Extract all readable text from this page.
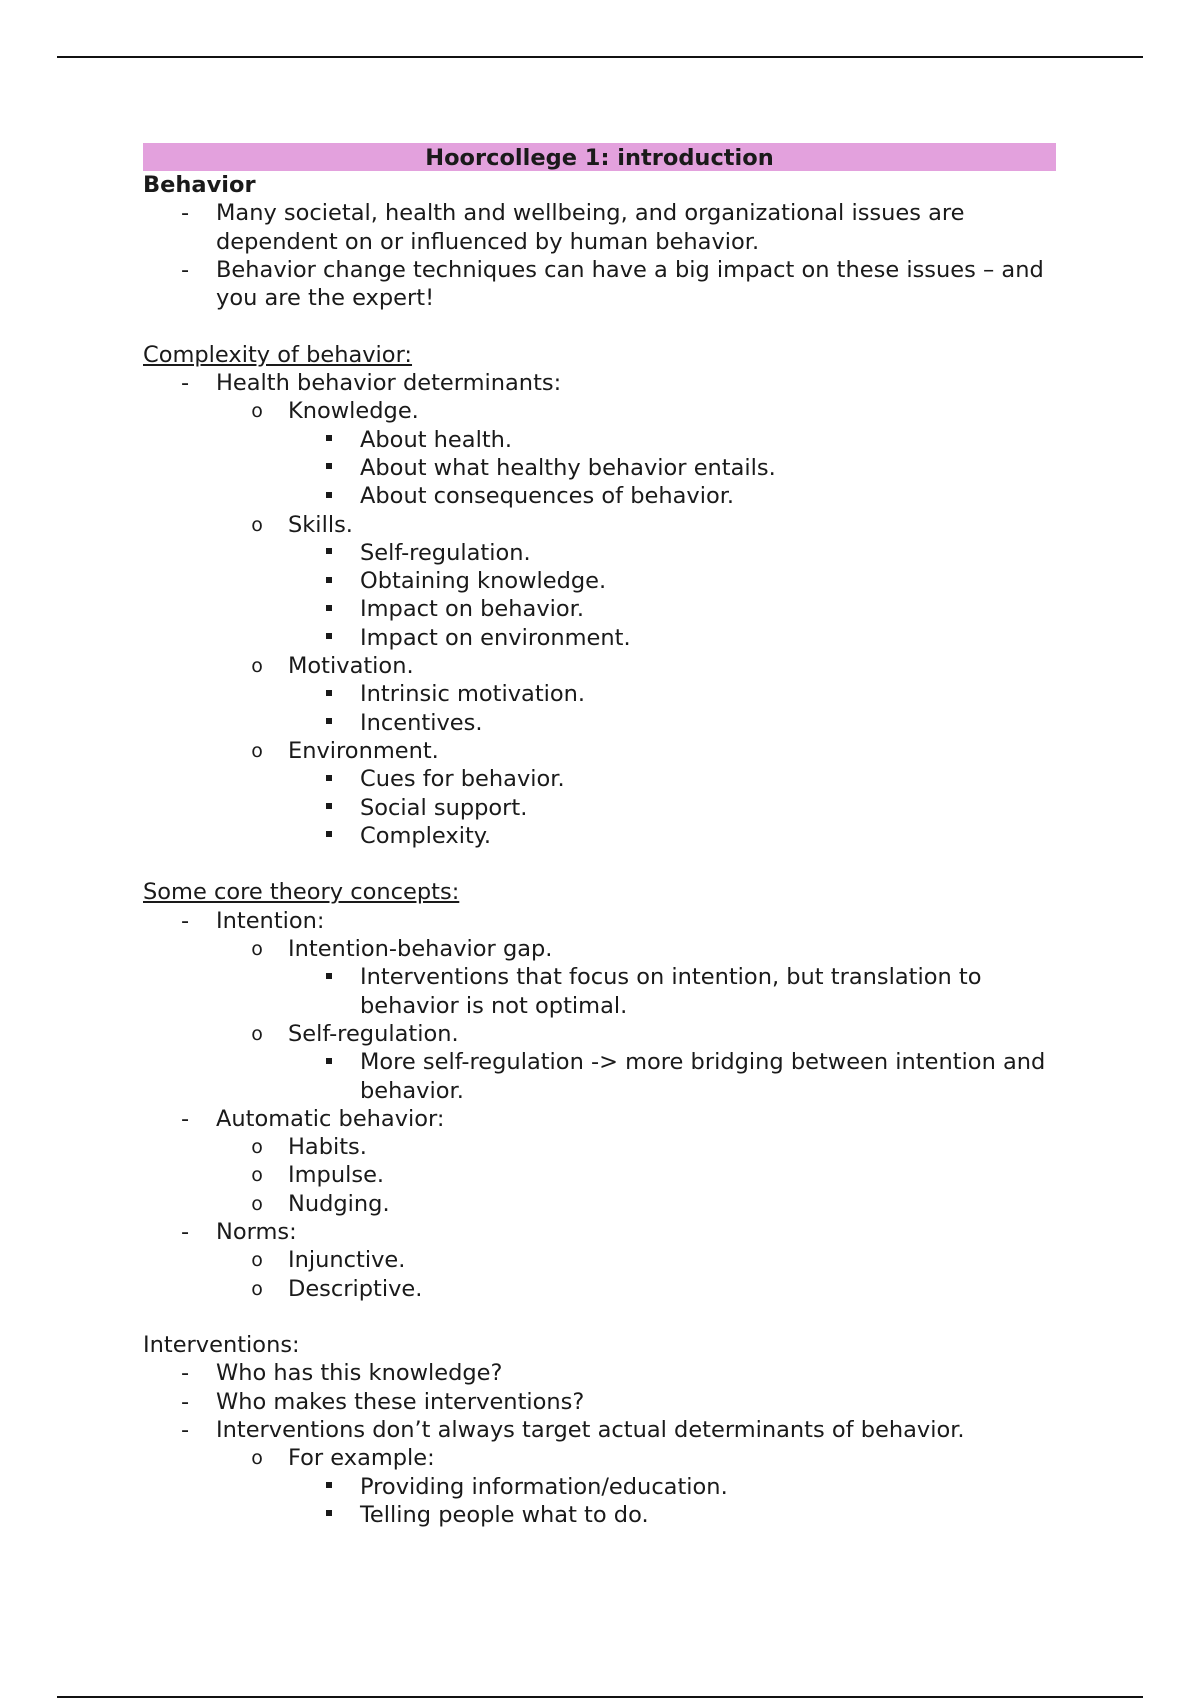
Hoorcollege 1: introduction
Behavior
- Many societal, health and wellbeing, and organizational issues are dependent on or influenced by human behavior.
- Behavior change techniques can have a big impact on these issues – and you are the expert!
Complexity of behavior:
- Health behavior determinants:
o Knowledge.
About health.
About what healthy behavior entails.
About consequences of behavior.
o Skills.
Self-regulation.
Obtaining knowledge.
Impact on behavior.
Impact on environment.
o Motivation.
Intrinsic motivation.
Incentives.
o Environment.
Cues for behavior.
Social support.
Complexity.
Some core theory concepts:
- Intention:
o Intention-behavior gap.
Interventions that focus on intention, but translation to behavior is not optimal.
o Self-regulation.
More self-regulation -> more bridging between intention and behavior.
- Automatic behavior:
o Habits.
o Impulse.
o Nudging.
- Norms:
o Injunctive.
o Descriptive.
Interventions:
- Who has this knowledge?
- Who makes these interventions?
- Interventions don’t always target actual determinants of behavior.
o For example:
Providing information/education.
Telling people what to do.
